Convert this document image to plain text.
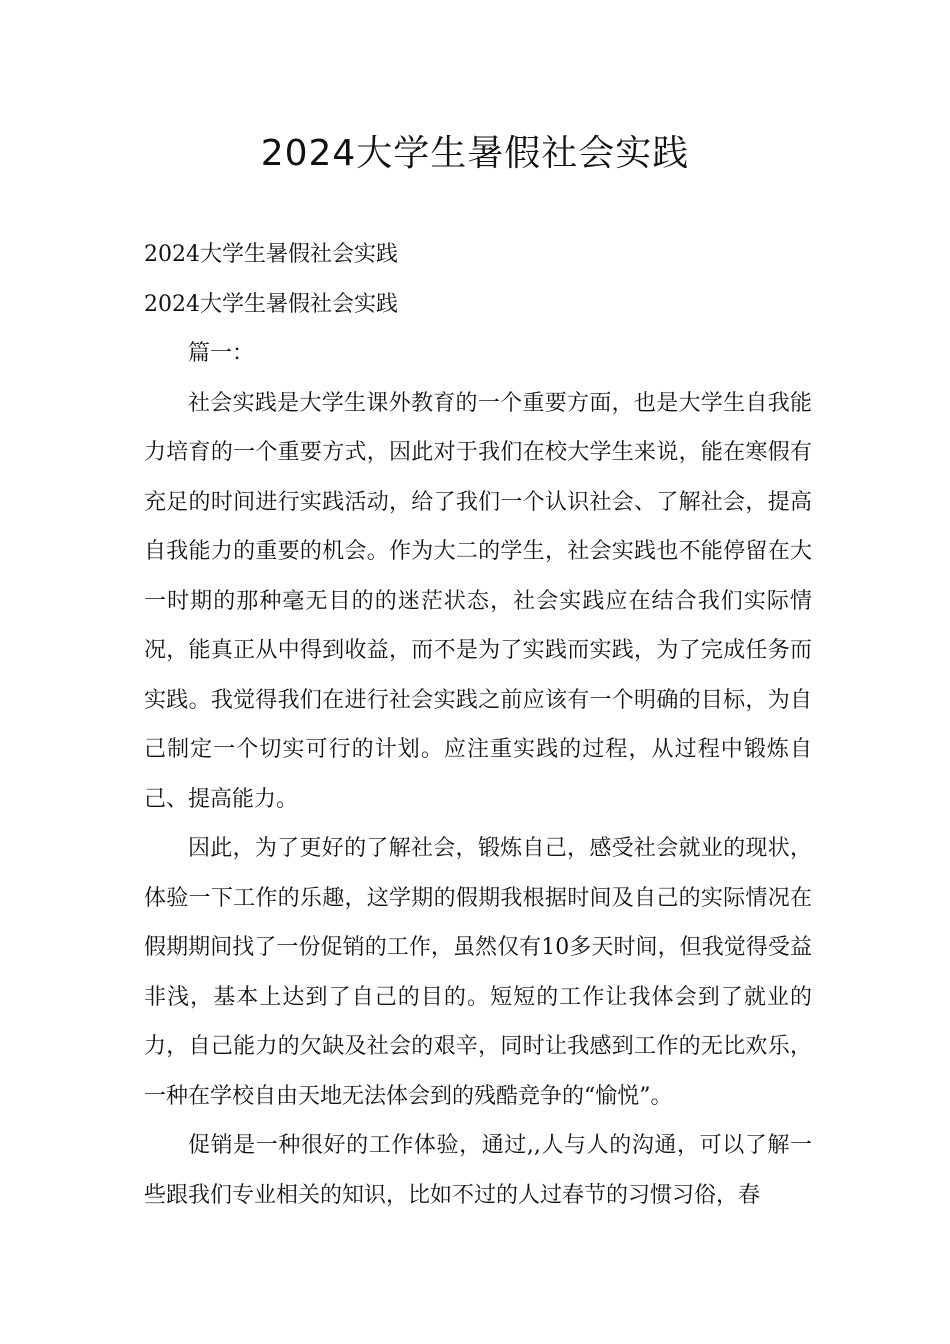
2024大学生暑假社会实践

2024大学生暑假社会实践

2024大学生暑假社会实践

篇一：

社会实践是大学生课外教育的一个重要方面，也是大学生自我能力培育的一个重要方式，因此对于我们在校大学生来说，能在寒假有充足的时间进行实践活动，给了我们一个认识社会、了解社会，提高自我能力的重要的机会。作为大二的学生，社会实践也不能停留在大一时期的那种毫无目的的迷茫状态，社会实践应在结合我们实际情况，能真正从中得到收益，而不是为了实践而实践，为了完成任务而实践。我觉得我们在进行社会实践之前应该有一个明确的目标，为自己制定一个切实可行的计划。应注重实践的过程，从过程中锻炼自己、提高能力。

因此，为了更好的了解社会，锻炼自己，感受社会就业的现状，体验一下工作的乐趣，这学期的假期我根据时间及自己的实际情况在假期期间找了一份促销的工作，虽然仅有10多天时间，但我觉得受益非浅，基本上达到了自己的目的。短短的工作让我体会到了就业的力，自己能力的欠缺及社会的艰辛，同时让我感到工作的无比欢乐，一种在学校自由天地无法体会到的残酷竞争的“愉悦”。

促销是一种很好的工作体验，通过,,人与人的沟通，可以了解一些跟我们专业相关的知识，比如不过的人过春节的习惯习俗，春
